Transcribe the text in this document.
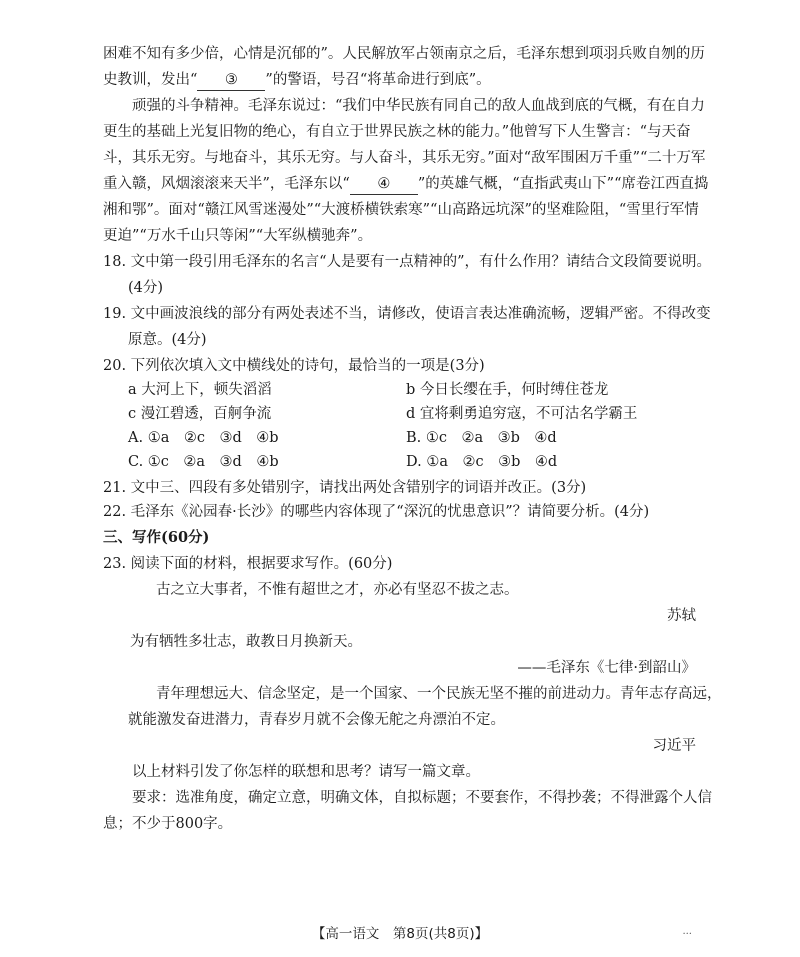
困难不知有多少倍，心情是沉郁的”。人民解放军占领南京之后，毛泽东想到项羽兵败自刎的历
史教训，发出“ ③ ”的警语，号召“将革命进行到底”。
顽强的斗争精神。毛泽东说过：“我们中华民族有同自己的敌人血战到底的气概，有在自力
更生的基础上光复旧物的绝心，有自立于世界民族之林的能力。”他曾写下人生警言：“与天奋
斗，其乐无穷。与地奋斗，其乐无穷。与人奋斗，其乐无穷。”面对“敌军围困万千重”“二十万军
重入赣，风烟滚滚来天半”，毛泽东以“ ④ ”的英雄气概，“直指武夷山下”“席卷江西直捣
湘和鄂”。面对“赣江风雪迷漫处”“大渡桥横铁索寒”“山高路远坑深”的坚难险阻，“雪里行军情
更迫”“万水千山只等闲”“大军纵横驰奔”。
18. 文中第一段引用毛泽东的名言“人是要有一点精神的”，有什么作用？请结合文段简要说明。
(4分)
19. 文中画波浪线的部分有两处表述不当，请修改，使语言表达准确流畅，逻辑严密。不得改变
原意。(4分)
20. 下列依次填入文中横线处的诗句，最恰当的一项是(3分)
a 大河上下，顿失滔滔	b 今日长缨在手，何时缚住苍龙
c 漫江碧透，百舸争流	d 宜将剩勇追穷寇，不可沽名学霸王
A. ①a　②c　③d　④b	B. ①c　②a　③b　④d
C. ①c　②a　③d　④b	D. ①a　②c　③b　④d
21. 文中三、四段有多处错别字，请找出两处含错别字的词语并改正。(3分)
22. 毛泽东《沁园春·长沙》的哪些内容体现了“深沉的忧患意识”？请简要分析。(4分)
三、写作(60分)
23. 阅读下面的材料，根据要求写作。(60分)
古之立大事者，不惟有超世之才，亦必有坚忍不拔之志。
苏轼
为有牺牲多壮志，敢教日月换新天。
——毛泽东《七律·到韶山》
青年理想远大、信念坚定，是一个国家、一个民族无坚不摧的前进动力。青年志存高远，
就能激发奋进潜力，青春岁月就不会像无舵之舟漂泊不定。
习近平
以上材料引发了你怎样的联想和思考？请写一篇文章。
要求：选准角度，确定立意，明确文体，自拟标题；不要套作，不得抄袭；不得泄露个人信
息；不少于800字。
【高一语文　第8页(共8页)】	...
